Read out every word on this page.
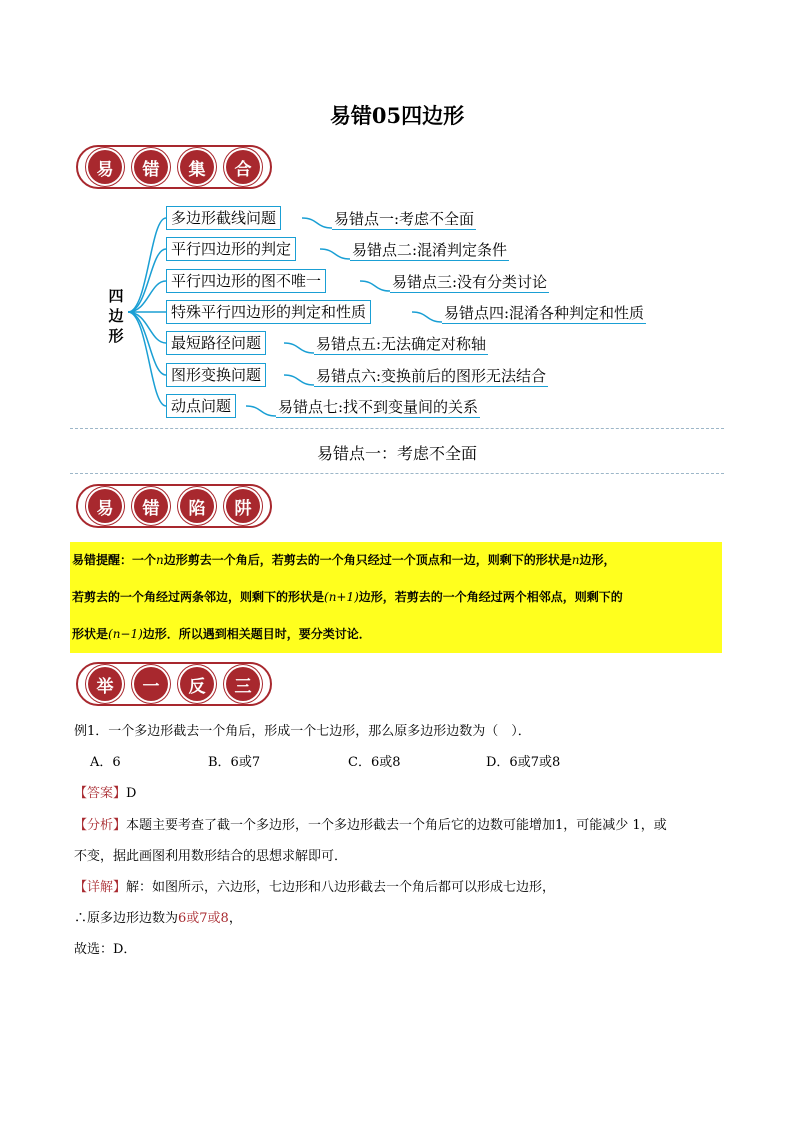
易错05四边形
易	错	集	合
四
边
形
多边形截线问题	易错点一:考虑不全面
平行四边形的判定	易错点二:混淆判定条件
平行四边形的图不唯一	易错点三:没有分类讨论
特殊平行四边形的判定和性质	易错点四:混淆各种判定和性质
最短路径问题	易错点五:无法确定对称轴
图形变换问题	易错点六:变换前后的图形无法结合
动点问题	易错点七:找不到变量间的关系
易错点一：考虑不全面
易	错	陷	阱
易错提醒：一个n边形剪去一个角后，若剪去的一个角只经过一个顶点和一边，则剩下的形状是n边形，
若剪去的一个角经过两条邻边，则剩下的形状是(n+1)边形，若剪去的一个角经过两个相邻点，则剩下的
形状是(n−1)边形．所以遇到相关题目时，要分类讨论．
举	一	反	三
例1．一个多边形截去一个角后，形成一个七边形，那么原多边形边数为（　）．
A．6	B．6或7	C．6或8	D．6或7或8
【答案】D
【分析】本题主要考查了截一个多边形，一个多边形截去一个角后它的边数可能增加1，可能减少 1，或
不变，据此画图利用数形结合的思想求解即可．
【详解】解：如图所示，六边形，七边形和八边形截去一个角后都可以形成七边形，
∴原多边形边数为6或7或8，
故选：D．
